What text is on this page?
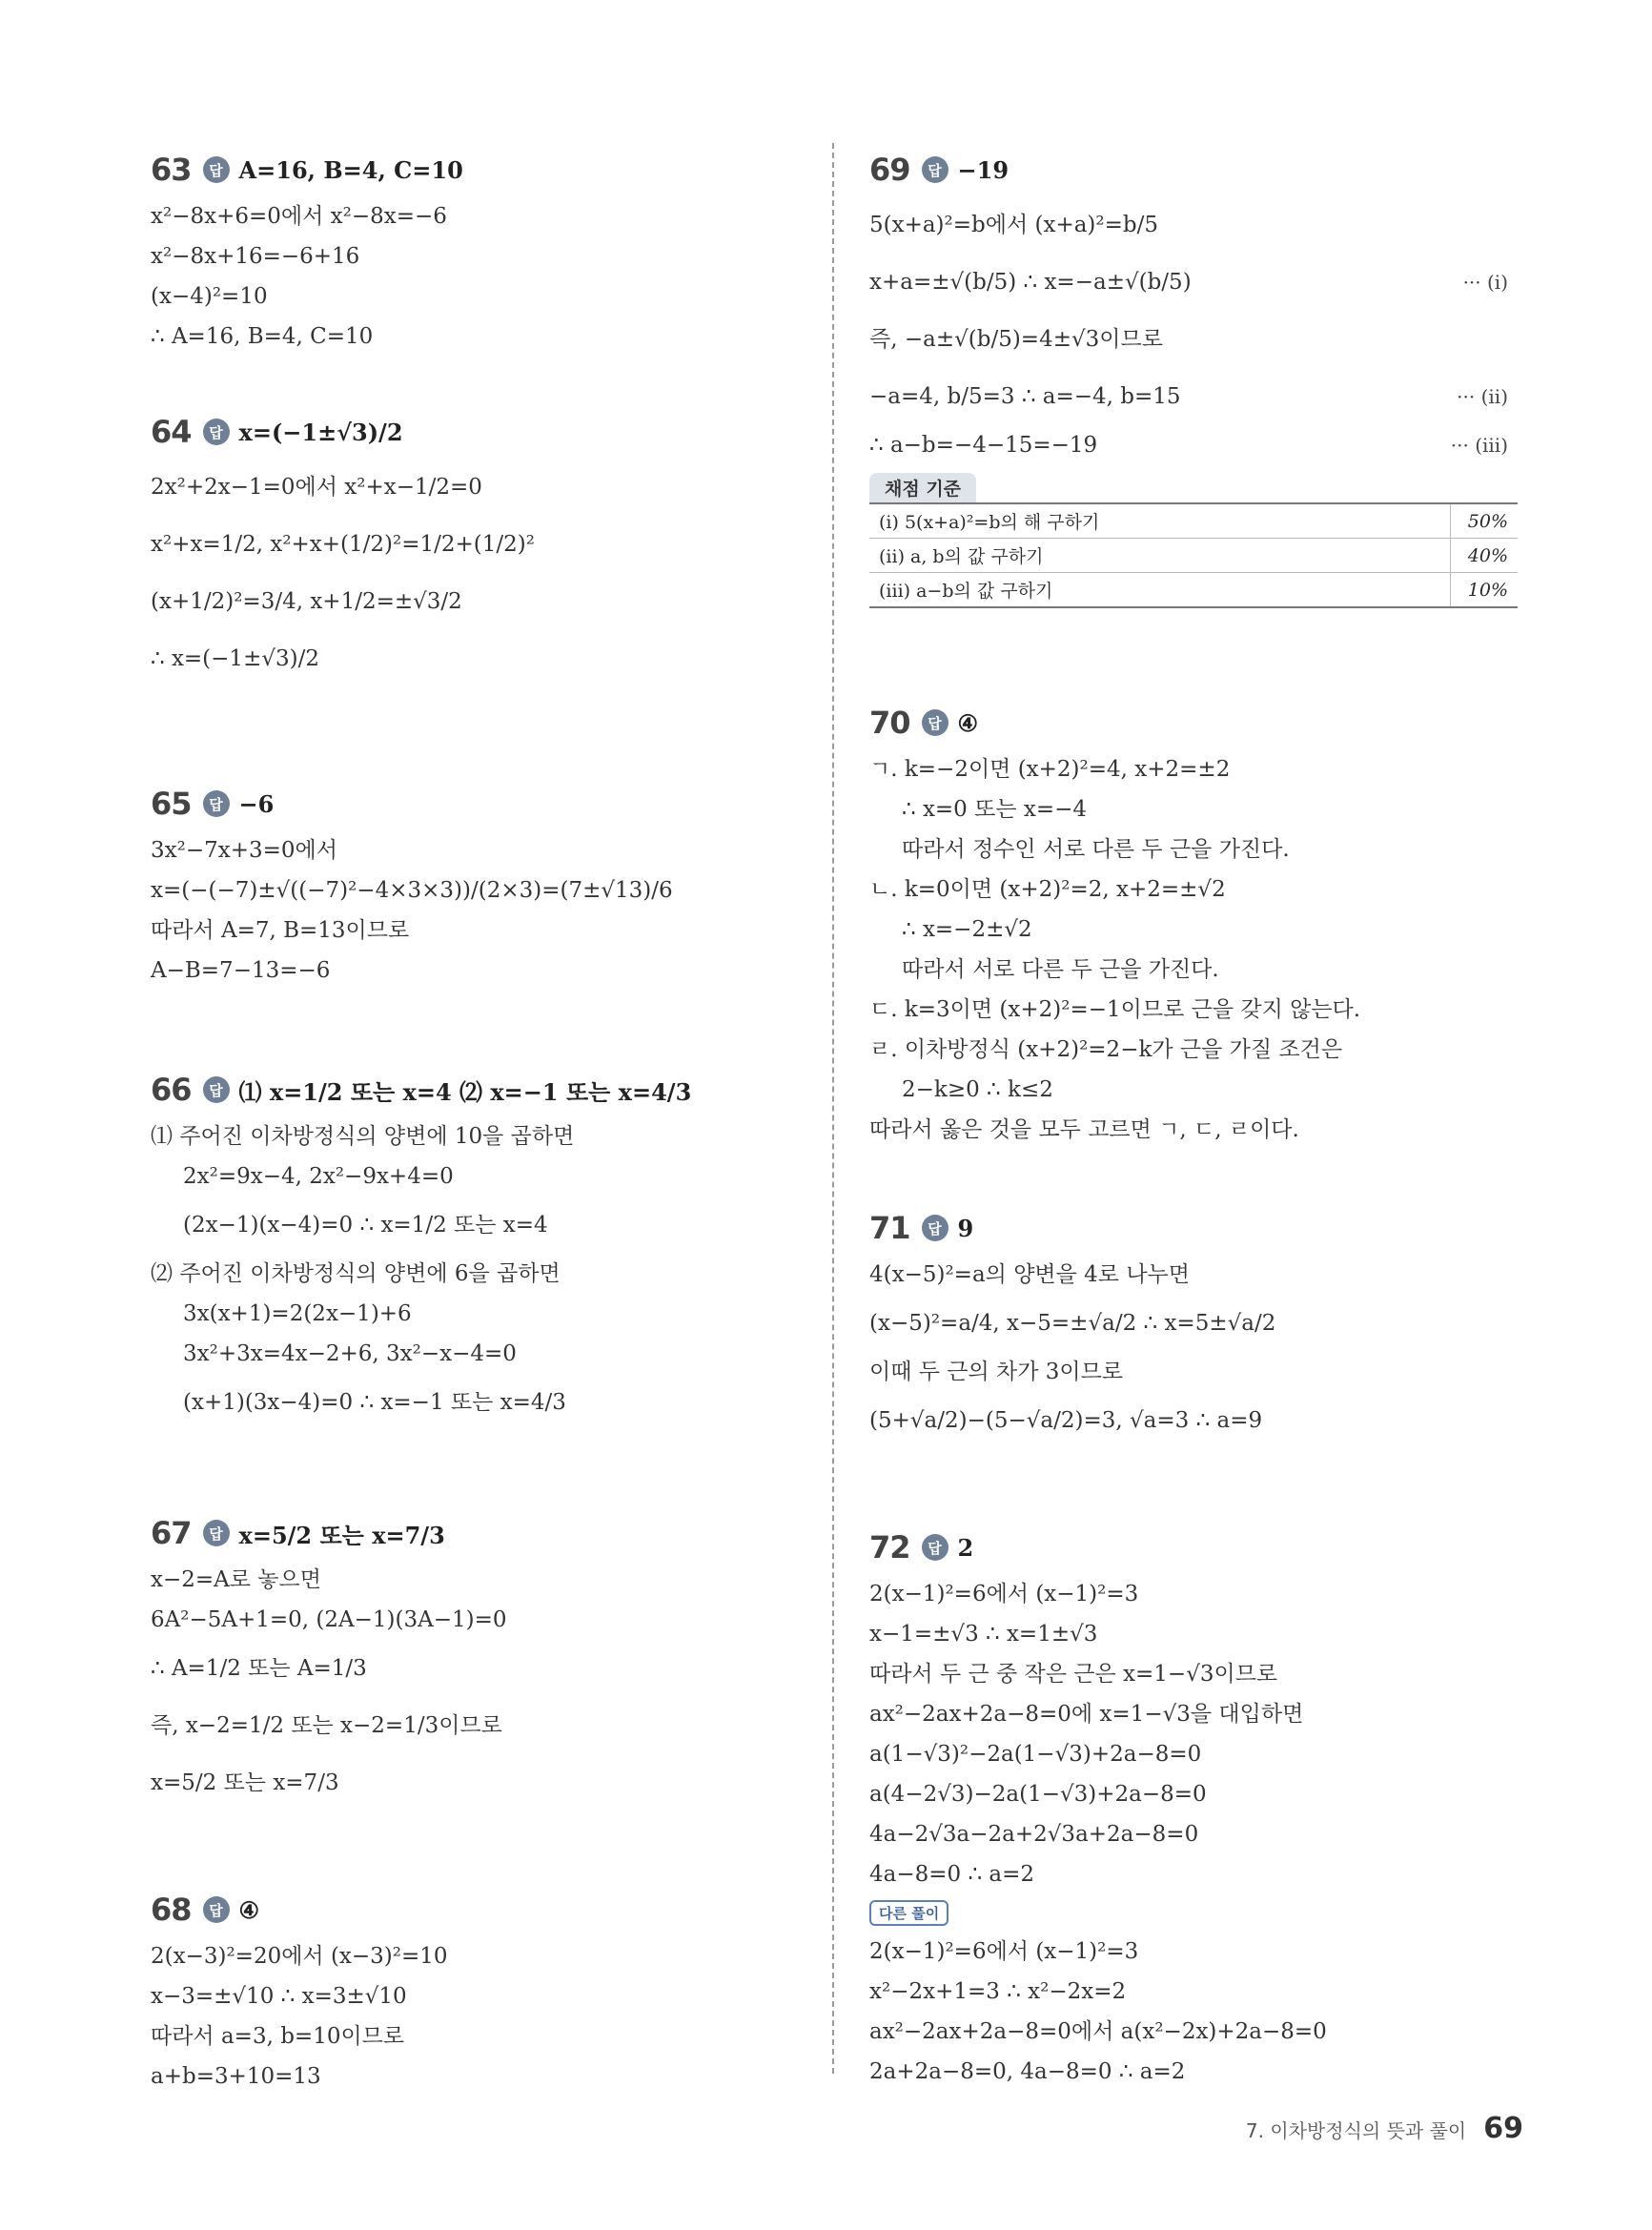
63	답 A=16, B=4, C=10
x²−8x+6=0에서 x²−8x=−6
x²−8x+16=−6+16
(x−4)²=10
∴ A=16, B=4, C=10
64	답 x=(−1±√3)/2
2x²+2x−1=0에서 x²+x−1/2=0
x²+x=1/2, x²+x+(1/2)²=1/2+(1/2)²
(x+1/2)²=3/4, x+1/2=±√3/2
∴ x=(−1±√3)/2
65	답 −6
3x²−7x+3=0에서
x=(−(−7)±√((−7)²−4×3×3))/(2×3)=(7±√13)/6
따라서 A=7, B=13이므로
A−B=7−13=−6
66	답 ⑴ x=1/2 또는 x=4 ⑵ x=−1 또는 x=4/3
⑴ 주어진 이차방정식의 양변에 10을 곱하면
2x²=9x−4, 2x²−9x+4=0
(2x−1)(x−4)=0 ∴ x=1/2 또는 x=4
⑵ 주어진 이차방정식의 양변에 6을 곱하면
3x(x+1)=2(2x−1)+6
3x²+3x=4x−2+6, 3x²−x−4=0
(x+1)(3x−4)=0 ∴ x=−1 또는 x=4/3
67	답 x=5/2 또는 x=7/3
x−2=A로 놓으면
6A²−5A+1=0, (2A−1)(3A−1)=0
∴ A=1/2 또는 A=1/3
즉, x−2=1/2 또는 x−2=1/3이므로
x=5/2 또는 x=7/3
68	답 ④
2(x−3)²=20에서 (x−3)²=10
x−3=±√10 ∴ x=3±√10
따라서 a=3, b=10이므로
a+b=3+10=13
69	답 −19
5(x+a)²=b에서 (x+a)²=b/5
x+a=±√(b/5) ∴ x=−a±√(b/5)	··· (i)
즉, −a±√(b/5)=4±√3이므로
−a=4, b/5=3 ∴ a=−4, b=15	··· (ii)
∴ a−b=−4−15=−19	··· (iii)
채점 기준
(i) 5(x+a)²=b의 해 구하기	50%
(ii) a, b의 값 구하기	40%
(iii) a−b의 값 구하기	10%
70	답 ④
ㄱ. k=−2이면 (x+2)²=4, x+2=±2
∴ x=0 또는 x=−4
따라서 정수인 서로 다른 두 근을 가진다.
ㄴ. k=0이면 (x+2)²=2, x+2=±√2
∴ x=−2±√2
따라서 서로 다른 두 근을 가진다.
ㄷ. k=3이면 (x+2)²=−1이므로 근을 갖지 않는다.
ㄹ. 이차방정식 (x+2)²=2−k가 근을 가질 조건은
2−k≥0 ∴ k≤2
따라서 옳은 것을 모두 고르면 ㄱ, ㄷ, ㄹ이다.
71	답 9
4(x−5)²=a의 양변을 4로 나누면
(x−5)²=a/4, x−5=±√a/2 ∴ x=5±√a/2
이때 두 근의 차가 3이므로
(5+√a/2)−(5−√a/2)=3, √a=3 ∴ a=9
72	답 2
2(x−1)²=6에서 (x−1)²=3
x−1=±√3 ∴ x=1±√3
따라서 두 근 중 작은 근은 x=1−√3이므로
ax²−2ax+2a−8=0에 x=1−√3을 대입하면
a(1−√3)²−2a(1−√3)+2a−8=0
a(4−2√3)−2a(1−√3)+2a−8=0
4a−2√3a−2a+2√3a+2a−8=0
4a−8=0 ∴ a=2
다른 풀이
2(x−1)²=6에서 (x−1)²=3
x²−2x+1=3 ∴ x²−2x=2
ax²−2ax+2a−8=0에서 a(x²−2x)+2a−8=0
2a+2a−8=0, 4a−8=0 ∴ a=2
7. 이차방정식의 뜻과 풀이 69
